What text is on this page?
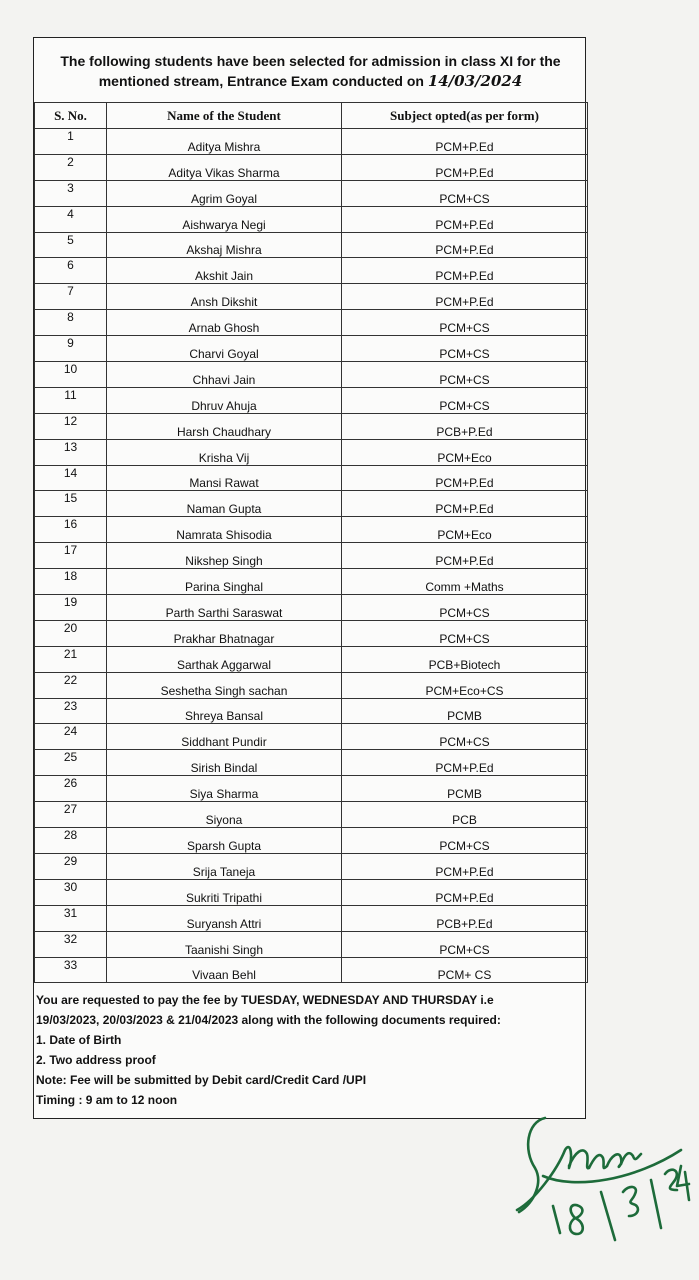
The following students have been selected for admission in class XI for the
mentioned stream, Entrance Exam conducted on 14/03/2024
S. No.	Name of the Student	Subject opted(as per form)
1	Aditya Mishra	PCM+P.Ed
2	Aditya Vikas Sharma	PCM+P.Ed
3	Agrim Goyal	PCM+CS
4	Aishwarya Negi	PCM+P.Ed
5	Akshaj Mishra	PCM+P.Ed
6	Akshit Jain	PCM+P.Ed
7	Ansh Dikshit	PCM+P.Ed
8	Arnab Ghosh	PCM+CS
9	Charvi Goyal	PCM+CS
10	Chhavi Jain	PCM+CS
11	Dhruv Ahuja	PCM+CS
12	Harsh Chaudhary	PCB+P.Ed
13	Krisha Vij	PCM+Eco
14	Mansi Rawat	PCM+P.Ed
15	Naman Gupta	PCM+P.Ed
16	Namrata Shisodia	PCM+Eco
17	Nikshep Singh	PCM+P.Ed
18	Parina Singhal	Comm +Maths
19	Parth Sarthi Saraswat	PCM+CS
20	Prakhar Bhatnagar	PCM+CS
21	Sarthak Aggarwal	PCB+Biotech
22	Seshetha Singh sachan	PCM+Eco+CS
23	Shreya Bansal	PCMB
24	Siddhant Pundir	PCM+CS
25	Sirish Bindal	PCM+P.Ed
26	Siya Sharma	PCMB
27	Siyona	PCB
28	Sparsh Gupta	PCM+CS
29	Srija Taneja	PCM+P.Ed
30	Sukriti Tripathi	PCM+P.Ed
31	Suryansh Attri	PCB+P.Ed
32	Taanishi Singh	PCM+CS
33	Vivaan Behl	PCM+ CS
You are requested to pay the fee by TUESDAY, WEDNESDAY AND THURSDAY i.e
19/03/2023, 20/03/2023 & 21/04/2023 along with the following documents required:
1. Date of Birth
2. Two address proof
Note: Fee will be submitted by Debit card/Credit Card /UPI
Timing : 9 am to 12 noon
